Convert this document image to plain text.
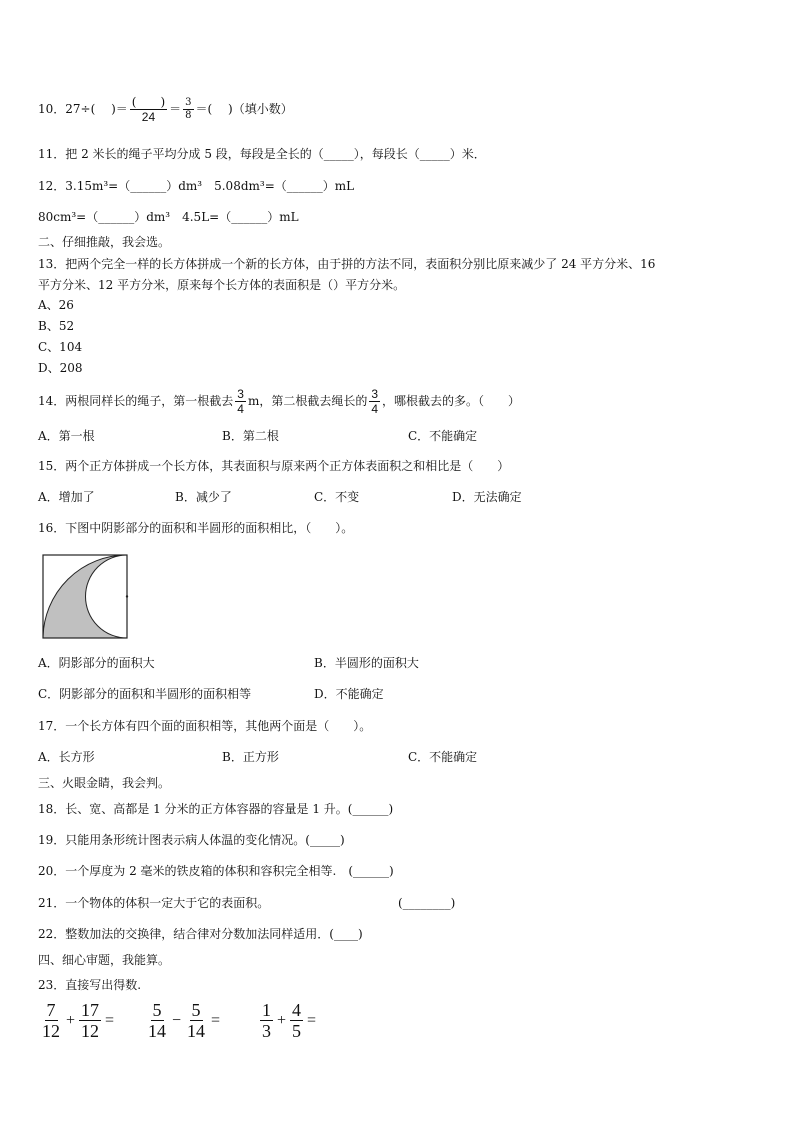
10．27÷(　 )＝ $\frac{( )}{24} = \frac{3}{8}$ ＝(　 )（填小数）
11．把 2 米长的绳子平均分成 5 段，每段是全长的（_____），每段长（_____）米．
12．3.15m³=（______）dm³　5.08dm³=（______）mL
80cm³=（______）dm³　4.5L=（______）mL
二、仔细推敲，我会选。
13．把两个完全一样的长方体拼成一个新的长方体，由于拼的方法不同，表面积分别比原来减少了 24 平方分米、16
平方分米、12 平方分米，原来每个长方体的表面积是（）平方分米。
A、26
B、52
C、104
D、208
14．两根同样长的绳子，第一根截去 $\frac{3}{4}$ m，第二根截去绳长的 $\frac{3}{4}$ ，哪根截去的多。（　　）
A．第一根	B．第二根	C．不能确定
15．两个正方体拼成一个长方体，其表面积与原来两个正方体表面积之和相比是（　　）
A．增加了	B．减少了	C．不变	D．无法确定
16．下图中阴影部分的面积和半圆形的面积相比，（　　）。
A．阴影部分的面积大	B．半圆形的面积大
C．阴影部分的面积和半圆形的面积相等	D．不能确定
17．一个长方体有四个面的面积相等，其他两个面是（　　）。
A．长方形	B．正方形	C．不能确定
三、火眼金睛，我会判。
18．长、宽、高都是 1 分米的正方体容器的容量是 1 升。(______)
19．只能用条形统计图表示病人体温的变化情况。(_____)
20．一个厚度为 2 毫米的铁皮箱的体积和容积完全相等.　(______)
21．一个物体的体积一定大于它的表面积。	(________)
22．整数加法的交换律，结合律对分数加法同样适用．(____)
四、细心审题，我能算。
23．直接写出得数.
$\frac{7}{12} + \frac{17}{12} = \frac{5}{14} - \frac{5}{14} = \frac{1}{3} + \frac{4}{5}$ =
